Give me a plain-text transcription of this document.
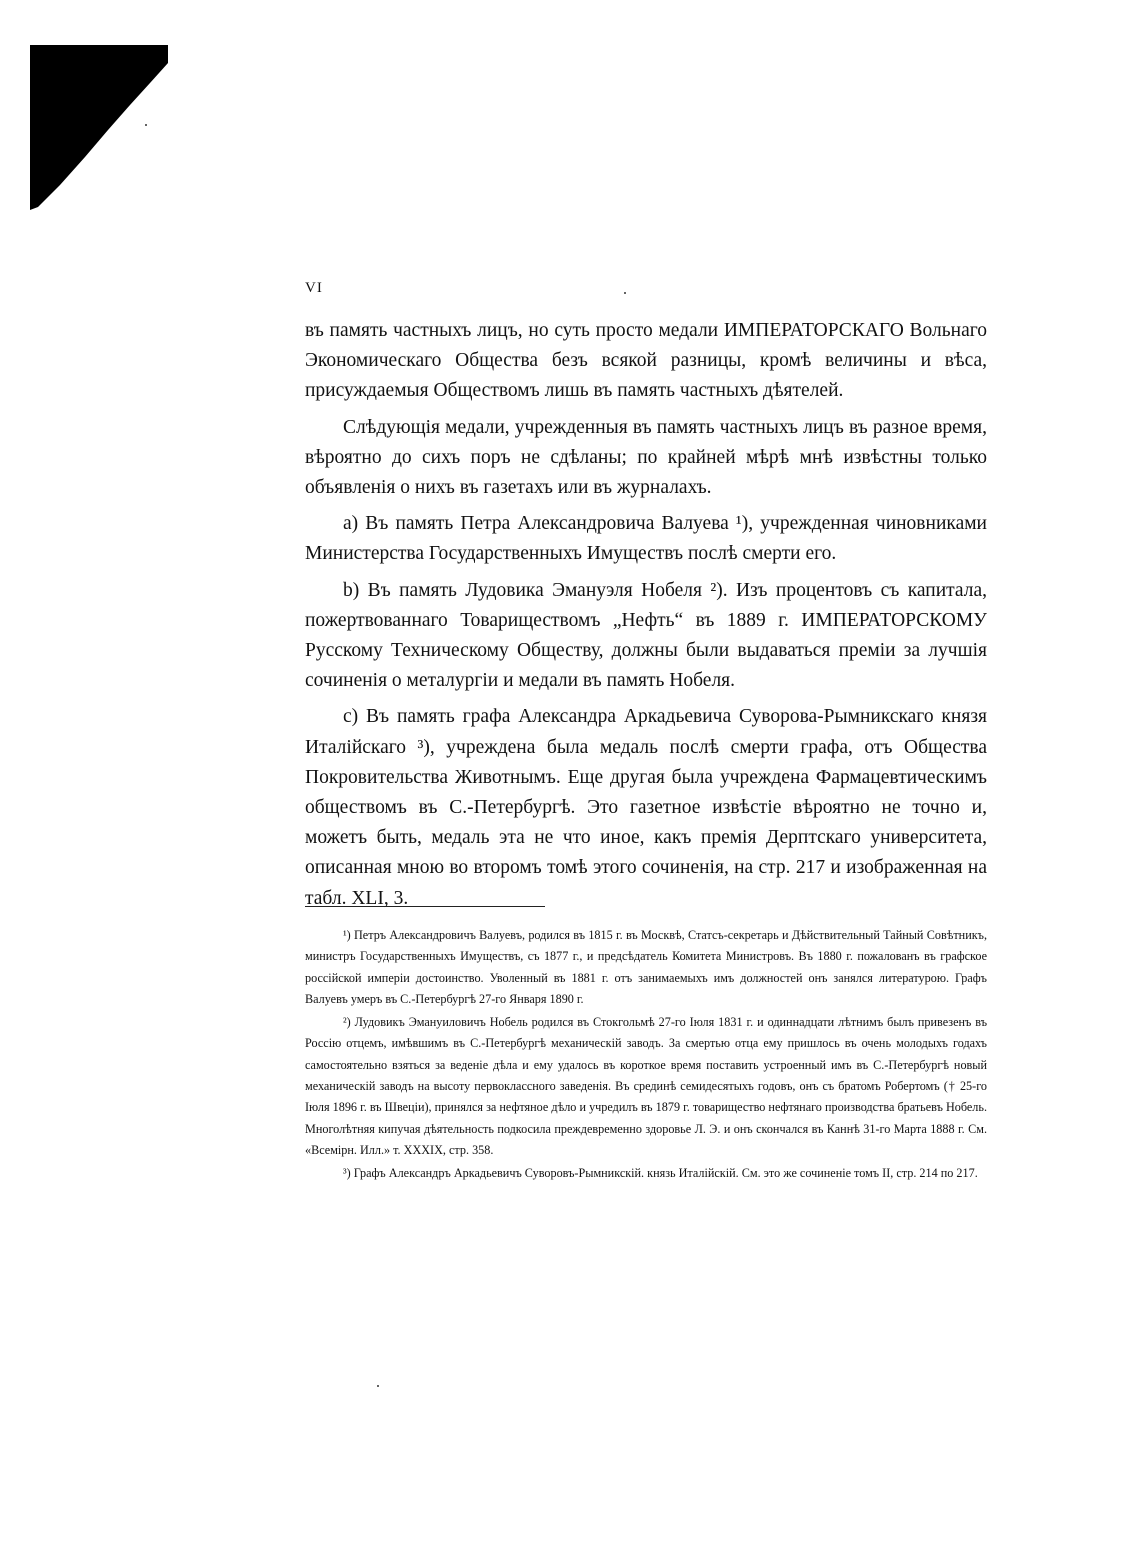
VI

въ память частныхъ лицъ, но суть просто медали ИМПЕРАТОРСКАГО Вольнаго Экономическаго Общества безъ всякой разницы, кромѣ величины и вѣса, присуждаемыя Обществомъ лишь въ память частныхъ дѣятелей.

Слѣдующія медали, учрежденныя въ память частныхъ лицъ въ разное время, вѣроятно до сихъ поръ не сдѣланы; по крайней мѣрѣ мнѣ извѣстны только объявленія о нихъ въ газетахъ или въ журналахъ.

а) Въ память Петра Александровича Валуева ¹), учрежденная чиновниками Министерства Государственныхъ Имуществъ послѣ смерти его.

b) Въ память Лудовика Эмануэля Нобеля ²). Изъ процентовъ съ капитала, пожертвованнаго Товариществомъ „Нефть“ въ 1889 г. ИМПЕРАТОРСКОМУ Русскому Техническому Обществу, должны были выдаваться преміи за лучшія сочиненія о металургіи и медали въ память Нобеля.

c) Въ память графа Александра Аркадьевича Суворова-Рымникскаго князя Италійскаго ³), учреждена была медаль послѣ смерти графа, отъ Общества Покровительства Животнымъ. Еще другая была учреждена Фармацевтическимъ обществомъ въ С.-Петербургѣ. Это газетное извѣстіе вѣроятно не точно и, можетъ быть, медаль эта не что иное, какъ премія Дерптскаго университета, описанная мною во второмъ томѣ этого сочиненія, на стр. 217 и изображенная на табл. XLI, 3.

¹) Петръ Александровичъ Валуевъ, родился въ 1815 г. въ Москвѣ, Статсъ-секретарь и Дѣйствительный Тайный Совѣтникъ, министръ Государственныхъ Имуществъ, съ 1877 г., и предсѣдатель Комитета Министровъ. Въ 1880 г. пожалованъ въ графское россійской имперіи достоинство. Уволенный въ 1881 г. отъ занимаемыхъ имъ должностей онъ занялся литературою. Графъ Валуевъ умеръ въ С.-Петербургѣ 27-го Января 1890 г.

²) Лудовикъ Эмануиловичъ Нобель родился въ Стокгольмѣ 27-го Іюля 1831 г. и одиннадцати лѣтнимъ былъ привезенъ въ Россію отцемъ, имѣвшимъ въ С.-Петербургѣ механическій заводъ. За смертью отца ему пришлось въ очень молодыхъ годахъ самостоятельно взяться за веденіе дѣла и ему удалось въ короткое время поставить устроенный имъ въ С.-Петербургѣ новый механическій заводъ на высоту первоклассного заведенія. Въ срединѣ семидесятыхъ годовъ, онъ съ братомъ Робертомъ († 25-го Іюля 1896 г. въ Швеціи), принялся за нефтяное дѣло и учредилъ въ 1879 г. товарищество нефтянаго производства братьевъ Нобель. Многолѣтняя кипучая дѣятельность подкосила преждевременно здоровье Л. Э. и онъ скончался въ Каннѣ 31-го Марта 1888 г. См. «Всемірн. Илл.» т. XXXIX, стр. 358.

³) Графъ Александръ Аркадьевичъ Суворовъ-Рымникскій. князь Италійскій. См. это же сочиненіе томъ II, стр. 214 по 217.
